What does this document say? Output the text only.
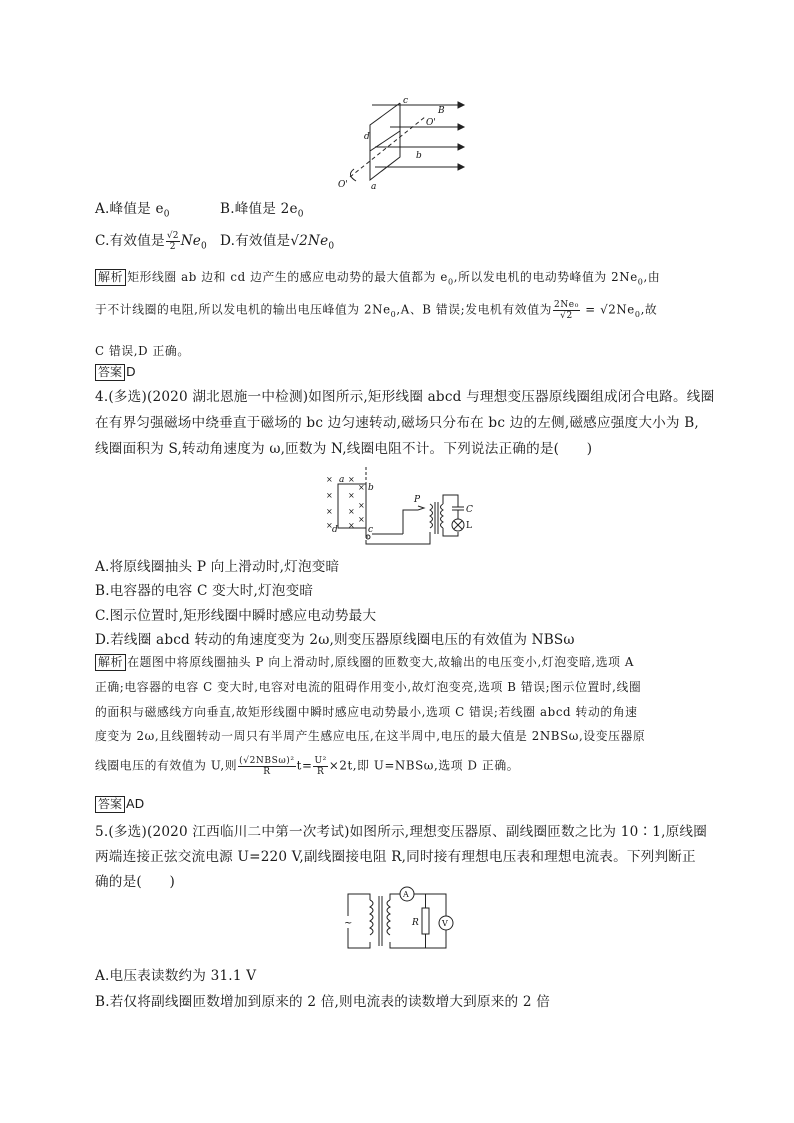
c
B
O'
d
b
O'	a
A.峰值是 $e_0$	B.峰值是 $2e_0$
C.有效值是 $\frac{√2}{2} Ne_0$ D.有效值是$√2Ne_0$
解析 矩形线圈 ab 边和 cd 边产生的感应电动势的最大值都为 $e_0$,所以发电机的电动势峰值为 $2Ne_0$,由
于不计线圈的电阻,所以发电机的输出电压峰值为 $2Ne_0,A$、B 错误;发电机有效值为 $\frac{\text{2Ne₀}}{√2} = √2Ne_0$,故
C 错误,D 正确。
答案 D
4.(多选)(2020 湖北恩施一中检测)如图所示,矩形线圈 abcd 与理想变压器原线圈组成闭合电路。线圈
在有界匀强磁场中绕垂直于磁场的 bc 边匀速转动,磁场只分布在 bc 边的左侧,磁感应强度大小为 B,
线圈面积为 S,转动角速度为 ω,匝数为 N,线圈电阻不计。下列说法正确的是(　　)
×
×
×
×
×
×
×
×
×
×
×
a
b
c
d
P
C
L
A.将原线圈抽头 P 向上滑动时,灯泡变暗
B.电容器的电容 C 变大时,灯泡变暗
C.图示位置时,矩形线圈中瞬时感应电动势最大
D.若线圈 abcd 转动的角速度变为 2ω,则变压器原线圈电压的有效值为 NBSω
解析 在题图中将原线圈抽头 P 向上滑动时,原线圈的匝数变大,故输出的电压变小,灯泡变暗,选项 A
正确;电容器的电容 C 变大时,电容对电流的阻碍作用变小,故灯泡变亮,选项 B 错误;图示位置时,线圈
的面积与磁感线方向垂直,故矩形线圈中瞬时感应电动势最小,选项 C 错误;若线圈 abcd 转动的角速
度变为 2ω,且线圈转动一周只有半周产生感应电压,在这半周中,电压的最大值是 2NBSω,设变压器原
线圈电压的有效值为 U,则 $\frac{\text{(√2NBSω)²}}{R} t= \frac{\text{U²}}{R} \times 2t$,即 U=NBSω,选项 D 正确。
答案 AD
5.(多选)(2020 江西临川二中第一次考试)如图所示,理想变压器原、副线圈匝数之比为 10∶1,原线圈
两端连接正弦交流电源 U=220 V,副线圈接电阻 R,同时接有理想电压表和理想电流表。下列判断正
确的是(　　)
~
A
R	V
A.电压表读数约为 31.1 V
B.若仅将副线圈匝数增加到原来的 2 倍,则电流表的读数增大到原来的 2 倍
